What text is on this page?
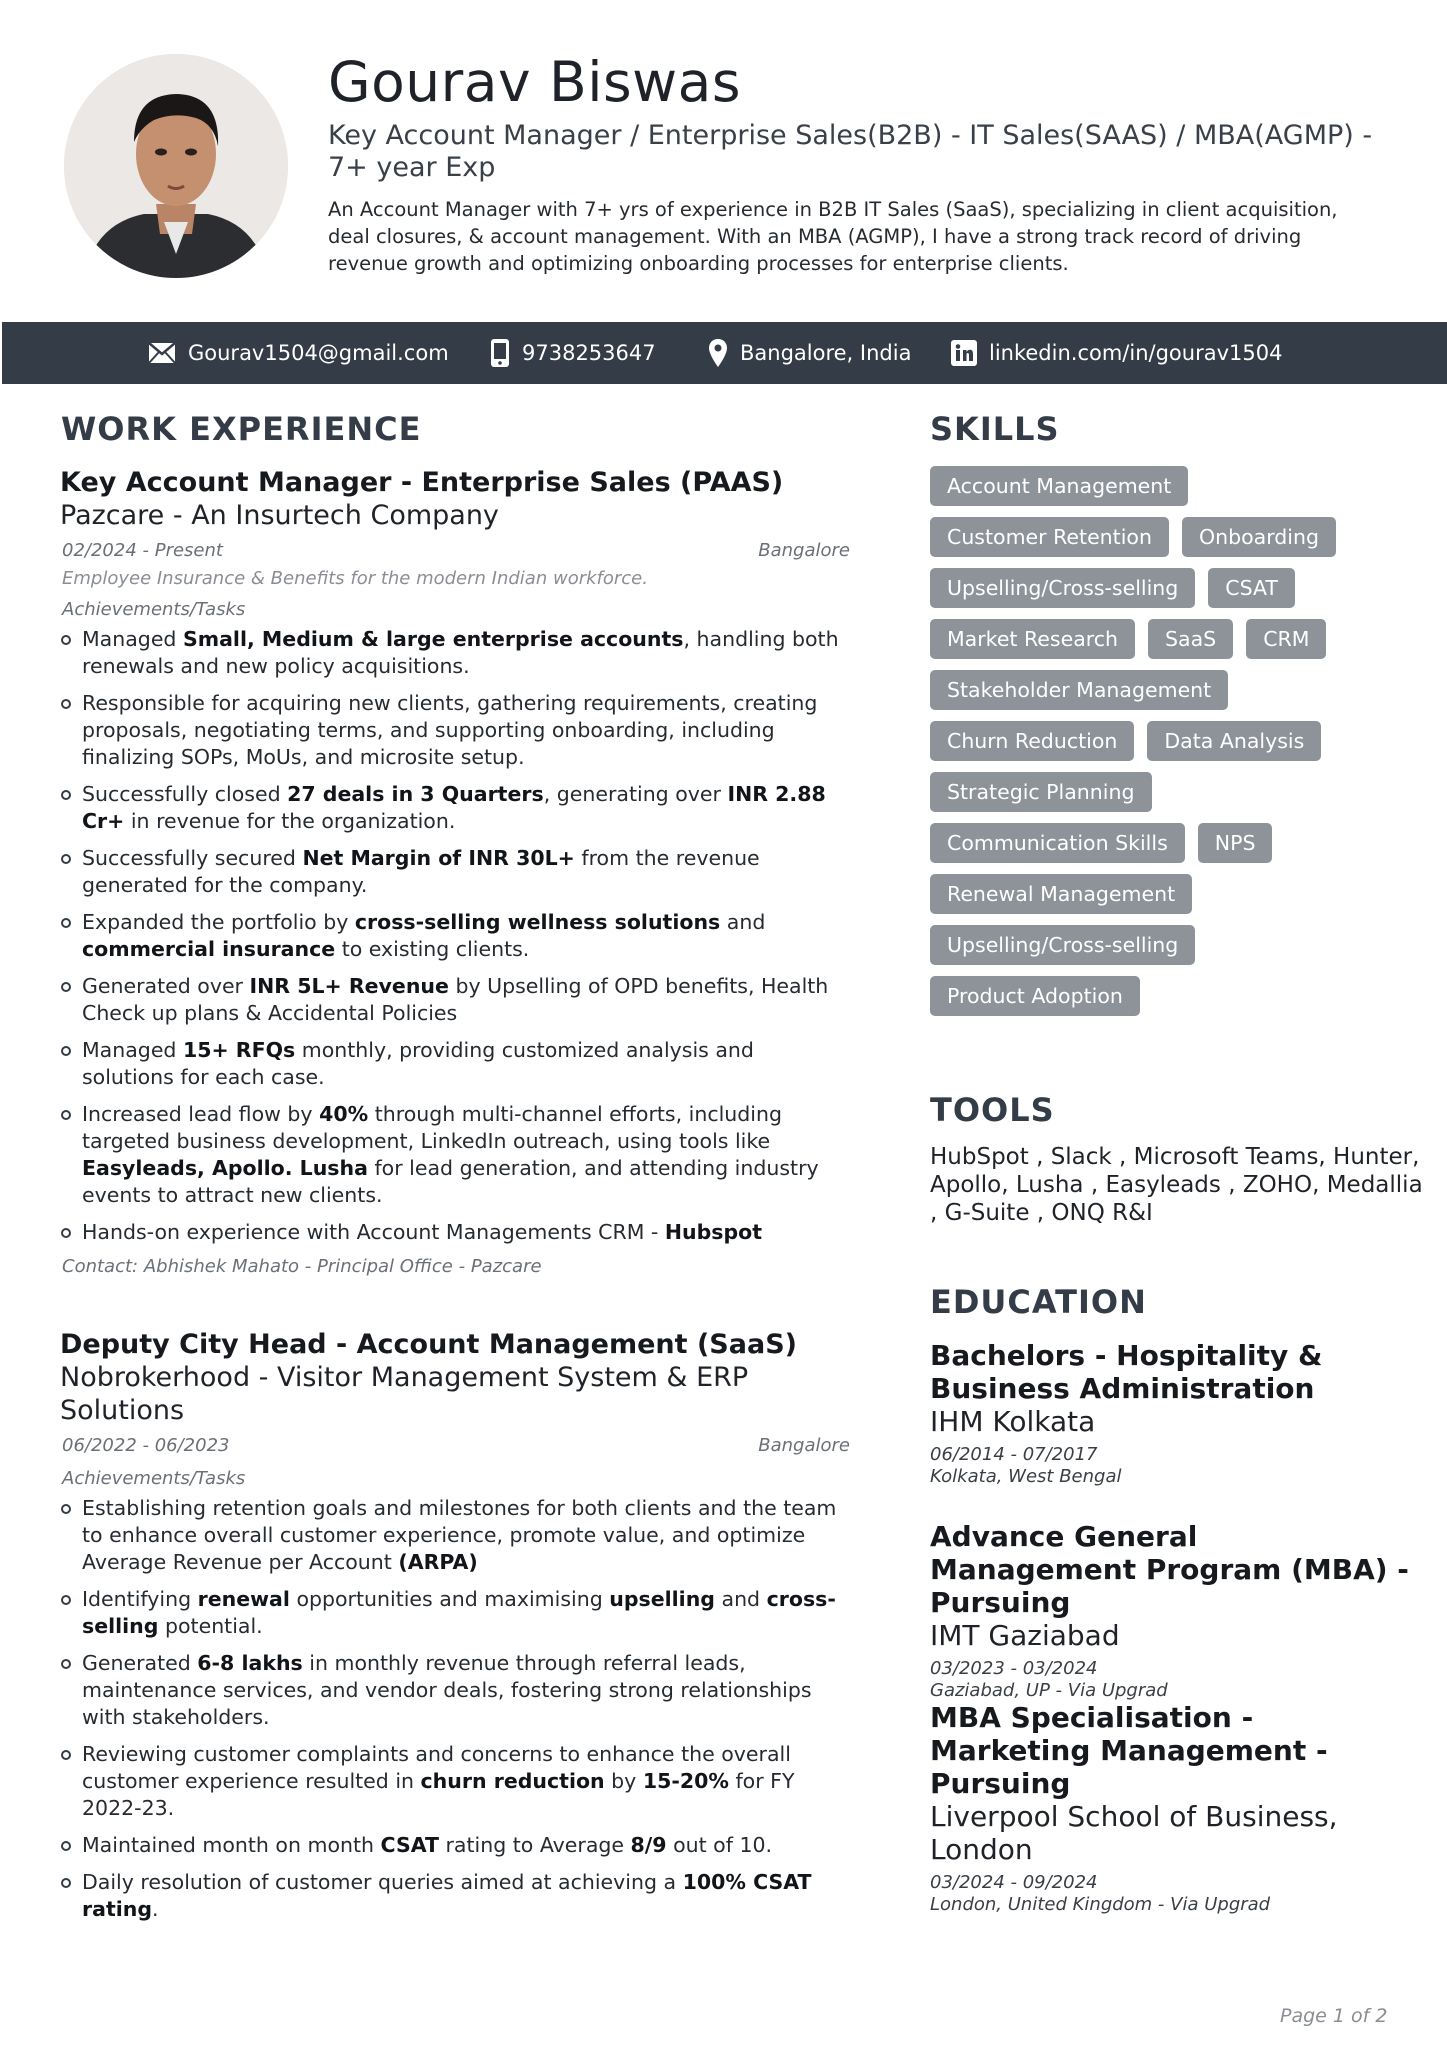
Gourav Biswas

Key Account Manager / Enterprise Sales(B2B) - IT Sales(SAAS) / MBA(AGMP) - 7+ year Exp

An Account Manager with 7+ yrs of experience in B2B IT Sales (SaaS), specializing in client acquisition, deal closures, & account management. With an MBA (AGMP), I have a strong track record of driving revenue growth and optimizing onboarding processes for enterprise clients.

Gourav1504@gmail.com	9738253647	Bangalore, India	linkedin.com/in/gourav1504
WORK EXPERIENCE

Key Account Manager - Enterprise Sales (PAAS)

Pazcare - An Insurtech Company

02/2024 - Present	Bangalore

Employee Insurance & Benefits for the modern Indian workforce.

Achievements/Tasks

Managed Small, Medium & large enterprise accounts, handling both renewals and new policy acquisitions.
Responsible for acquiring new clients, gathering requirements, creating proposals, negotiating terms, and supporting onboarding, including finalizing SOPs, MoUs, and microsite setup.
Successfully closed 27 deals in 3 Quarters, generating over INR 2.88 Cr+ in revenue for the organization.
Successfully secured Net Margin of INR 30L+ from the revenue generated for the company.
Expanded the portfolio by cross-selling wellness solutions and commercial insurance to existing clients.
Generated over INR 5L+ Revenue by Upselling of OPD benefits, Health Check up plans & Accidental Policies
Managed 15+ RFQs monthly, providing customized analysis and solutions for each case.
Increased lead flow by 40% through multi-channel efforts, including targeted business development, LinkedIn outreach, using tools like Easyleads, Apollo. Lusha for lead generation, and attending industry events to attract new clients.
Hands-on experience with Account Managements CRM - Hubspot

Contact: Abhishek Mahato - Principal Office - Pazcare

Deputy City Head - Account Management (SaaS)

Nobrokerhood - Visitor Management System & ERP Solutions

06/2022 - 06/2023	Bangalore

Achievements/Tasks

Establishing retention goals and milestones for both clients and the team to enhance overall customer experience, promote value, and optimize Average Revenue per Account (ARPA)
Identifying renewal opportunities and maximising upselling and cross-selling potential.
Generated 6-8 lakhs in monthly revenue through referral leads, maintenance services, and vendor deals, fostering strong relationships with stakeholders.
Reviewing customer complaints and concerns to enhance the overall customer experience resulted in churn reduction by 15-20% for FY 2022-23.
Maintained month on month CSAT rating to Average 8/9 out of 10.
Daily resolution of customer queries aimed at achieving a 100% CSAT rating.
SKILLS
Account Management
Customer Retention	Onboarding
Upselling/Cross-selling	CSAT
Market Research	SaaS	CRM
Stakeholder Management
Churn Reduction	Data Analysis
Strategic Planning
Communication Skills	NPS
Renewal Management
Upselling/Cross-selling
Product Adoption
TOOLS

HubSpot , Slack , Microsoft Teams, Hunter, Apollo, Lusha , Easyleads , ZOHO, Medallia , G-Suite , ONQ R&I

EDUCATION

Bachelors - Hospitality & Business Administration

IHM Kolkata

06/2014 - 07/2017

Kolkata, West Bengal

Advance General Management Program (MBA) - Pursuing

IMT Gaziabad

03/2023 - 03/2024

Gaziabad, UP - Via Upgrad

MBA Specialisation - Marketing Management - Pursuing

Liverpool School of Business, London

03/2024 - 09/2024

London, United Kingdom - Via Upgrad

Page 1 of 2
